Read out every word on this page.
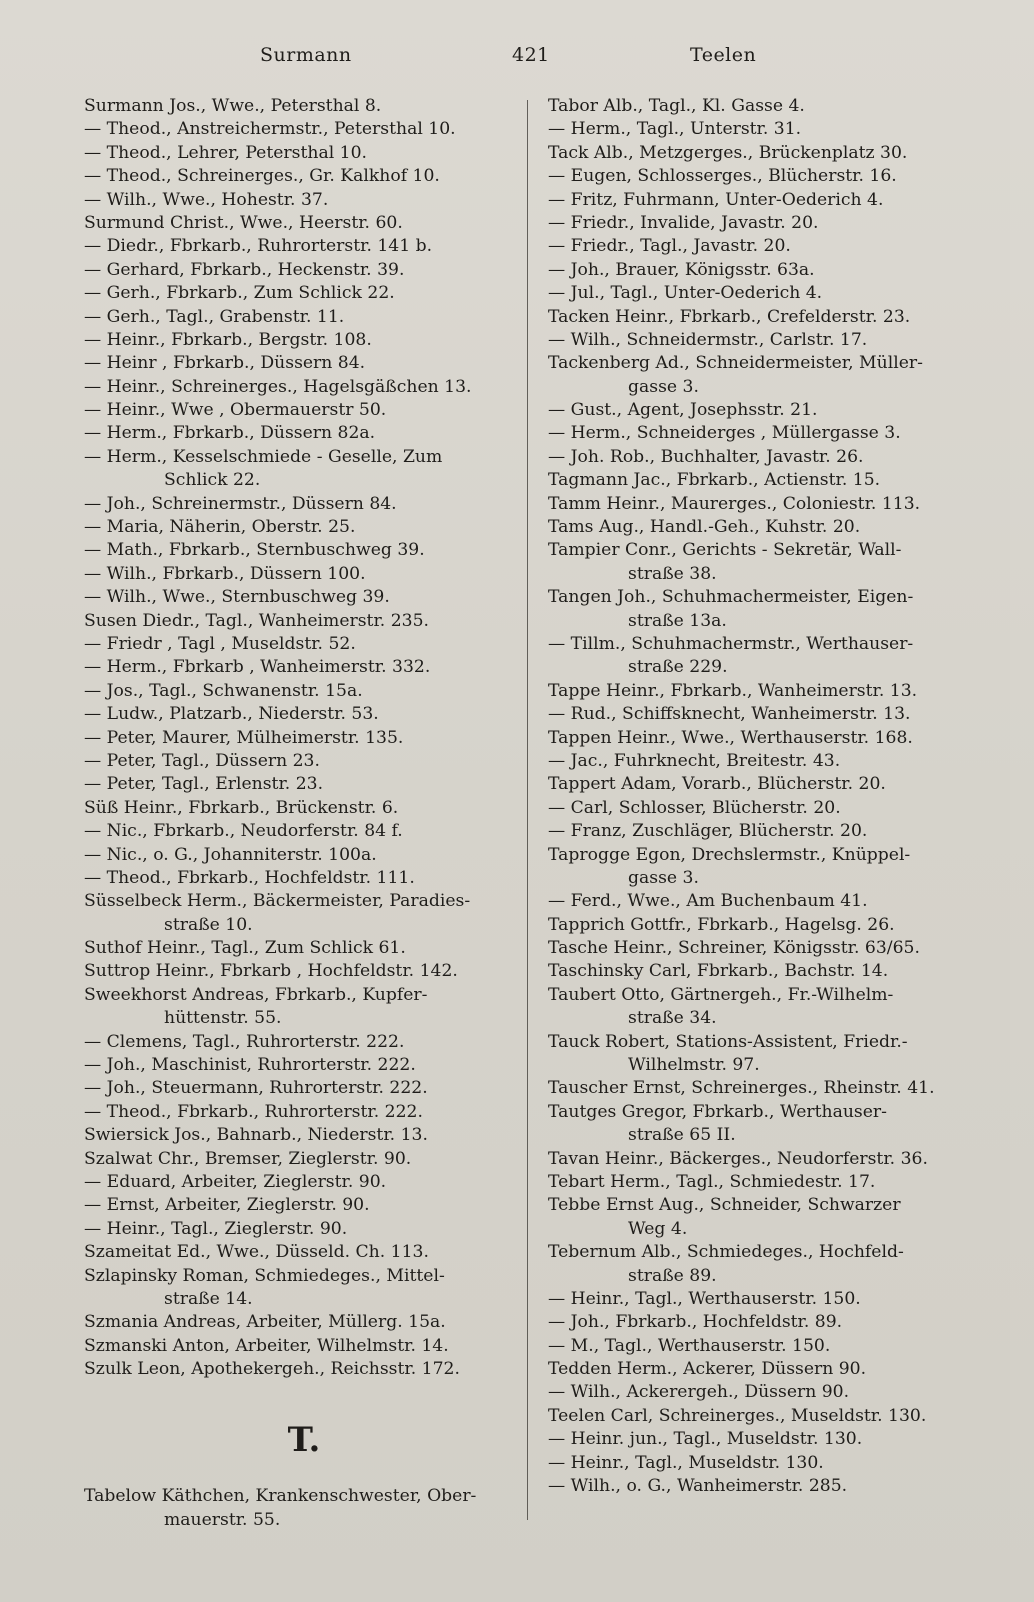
Surmann	421	Teelen
Surmann Jos., Wwe., Petersthal 8.
— Theod., Anstreichermstr., Petersthal 10.
— Theod., Lehrer, Petersthal 10.
— Theod., Schreinerges., Gr. Kalkhof 10.
— Wilh., Wwe., Hohestr. 37.
Surmund Christ., Wwe., Heerstr. 60.
— Diedr., Fbrkarb., Ruhrorterstr. 141 b.
— Gerhard, Fbrkarb., Heckenstr. 39.
— Gerh., Fbrkarb., Zum Schlick 22.
— Gerh., Tagl., Grabenstr. 11.
— Heinr., Fbrkarb., Bergstr. 108.
— Heinr , Fbrkarb., Düssern 84.
— Heinr., Schreinerges., Hagelsgäßchen 13.
— Heinr., Wwe , Obermauerstr 50.
— Herm., Fbrkarb., Düssern 82a.
— Herm., Kesselschmiede - Geselle, Zum
Schlick 22.
— Joh., Schreinermstr., Düssern 84.
— Maria, Näherin, Oberstr. 25.
— Math., Fbrkarb., Sternbuschweg 39.
— Wilh., Fbrkarb., Düssern 100.
— Wilh., Wwe., Sternbuschweg 39.
Susen Diedr., Tagl., Wanheimerstr. 235.
— Friedr , Tagl , Museldstr. 52.
— Herm., Fbrkarb , Wanheimerstr. 332.
— Jos., Tagl., Schwanenstr. 15a.
— Ludw., Platzarb., Niederstr. 53.
— Peter, Maurer, Mülheimerstr. 135.
— Peter, Tagl., Düssern 23.
— Peter, Tagl., Erlenstr. 23.
Süß Heinr., Fbrkarb., Brückenstr. 6.
— Nic., Fbrkarb., Neudorferstr. 84 f.
— Nic., o. G., Johanniterstr. 100a.
— Theod., Fbrkarb., Hochfeldstr. 111.
Süsselbeck Herm., Bäckermeister, Paradies-
straße 10.
Suthof Heinr., Tagl., Zum Schlick 61.
Suttrop Heinr., Fbrkarb , Hochfeldstr. 142.
Sweekhorst Andreas, Fbrkarb., Kupfer-
hüttenstr. 55.
— Clemens, Tagl., Ruhrorterstr. 222.
— Joh., Maschinist, Ruhrorterstr. 222.
— Joh., Steuermann, Ruhrorterstr. 222.
— Theod., Fbrkarb., Ruhrorterstr. 222.
Swiersick Jos., Bahnarb., Niederstr. 13.
Szalwat Chr., Bremser, Zieglerstr. 90.
— Eduard, Arbeiter, Zieglerstr. 90.
— Ernst, Arbeiter, Zieglerstr. 90.
— Heinr., Tagl., Zieglerstr. 90.
Szameitat Ed., Wwe., Düsseld. Ch. 113.
Szlapinsky Roman, Schmiedeges., Mittel-
straße 14.
Szmania Andreas, Arbeiter, Müllerg. 15a.
Szmanski Anton, Arbeiter, Wilhelmstr. 14.
Szulk Leon, Apothekergeh., Reichsstr. 172.
T.
Tabelow Käthchen, Krankenschwester, Ober-
mauerstr. 55.
Tabor Alb., Tagl., Kl. Gasse 4.
— Herm., Tagl., Unterstr. 31.
Tack Alb., Metzgerges., Brückenplatz 30.
— Eugen, Schlosserges., Blücherstr. 16.
— Fritz, Fuhrmann, Unter-Oederich 4.
— Friedr., Invalide, Javastr. 20.
— Friedr., Tagl., Javastr. 20.
— Joh., Brauer, Königsstr. 63a.
— Jul., Tagl., Unter-Oederich 4.
Tacken Heinr., Fbrkarb., Crefelderstr. 23.
— Wilh., Schneidermstr., Carlstr. 17.
Tackenberg Ad., Schneidermeister, Müller-
gasse 3.
— Gust., Agent, Josephsstr. 21.
— Herm., Schneiderges , Müllergasse 3.
— Joh. Rob., Buchhalter, Javastr. 26.
Tagmann Jac., Fbrkarb., Actienstr. 15.
Tamm Heinr., Maurerges., Coloniestr. 113.
Tams Aug., Handl.-Geh., Kuhstr. 20.
Tampier Conr., Gerichts - Sekretär, Wall-
straße 38.
Tangen Joh., Schuhmachermeister, Eigen-
straße 13a.
— Tillm., Schuhmachermstr., Werthauser-
straße 229.
Tappe Heinr., Fbrkarb., Wanheimerstr. 13.
— Rud., Schiffsknecht, Wanheimerstr. 13.
Tappen Heinr., Wwe., Werthauserstr. 168.
— Jac., Fuhrknecht, Breitestr. 43.
Tappert Adam, Vorarb., Blücherstr. 20.
— Carl, Schlosser, Blücherstr. 20.
— Franz, Zuschläger, Blücherstr. 20.
Taprogge Egon, Drechslermstr., Knüppel-
gasse 3.
— Ferd., Wwe., Am Buchenbaum 41.
Tapprich Gottfr., Fbrkarb., Hagelsg. 26.
Tasche Heinr., Schreiner, Königsstr. 63/65.
Taschinsky Carl, Fbrkarb., Bachstr. 14.
Taubert Otto, Gärtnergeh., Fr.-Wilhelm-
straße 34.
Tauck Robert, Stations-Assistent, Friedr.-
Wilhelmstr. 97.
Tauscher Ernst, Schreinerges., Rheinstr. 41.
Tautges Gregor, Fbrkarb., Werthauser-
straße 65 II.
Tavan Heinr., Bäckerges., Neudorferstr. 36.
Tebart Herm., Tagl., Schmiedestr. 17.
Tebbe Ernst Aug., Schneider, Schwarzer
Weg 4.
Tebernum Alb., Schmiedeges., Hochfeld-
straße 89.
— Heinr., Tagl., Werthauserstr. 150.
— Joh., Fbrkarb., Hochfeldstr. 89.
— M., Tagl., Werthauserstr. 150.
Tedden Herm., Ackerer, Düssern 90.
— Wilh., Ackerergeh., Düssern 90.
Teelen Carl, Schreinerges., Museldstr. 130.
— Heinr. jun., Tagl., Museldstr. 130.
— Heinr., Tagl., Museldstr. 130.
— Wilh., o. G., Wanheimerstr. 285.
